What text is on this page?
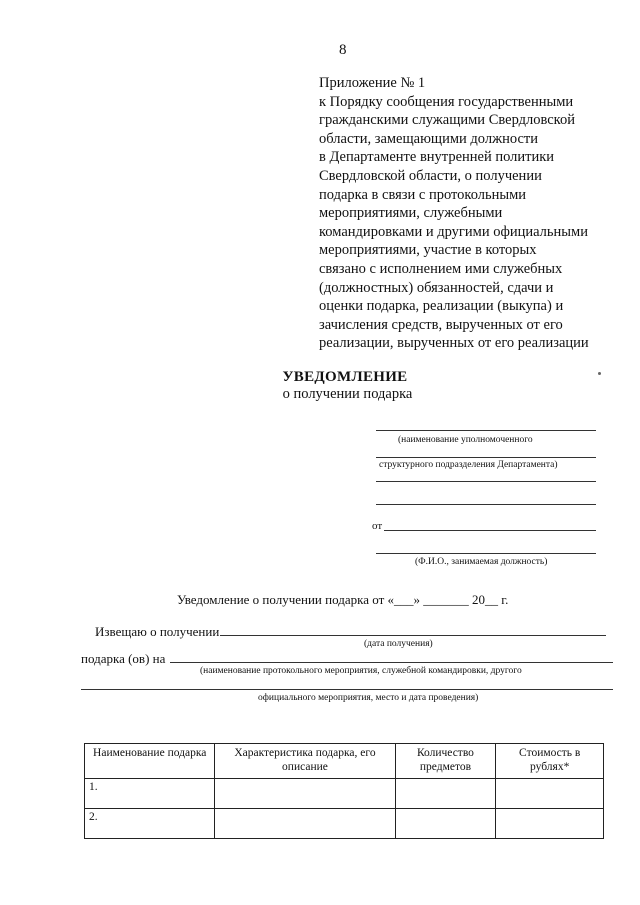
8
Приложение № 1
к Порядку сообщения государственными
гражданскими служащими Свердловской
области, замещающими должности
в Департаменте внутренней политики
Свердловской области, о получении
подарка в связи с протокольными
мероприятиями, служебными
командировками и другими официальными
мероприятиями, участие в которых
связано с исполнением ими служебных
(должностных) обязанностей, сдачи и
оценки подарка, реализации (выкупа) и
зачисления средств, вырученных от его
реализации, вырученных от его реализации
УВЕДОМЛЕНИЕ
о получении подарка
(наименование уполномоченного
структурного подразделения Департамента)
от
(Ф.И.О., занимаемая должность)
Уведомление о получении подарка от «___» _______ 20__ г.
Извещаю о получении
(дата получения)
подарка (ов) на
(наименование протокольного мероприятия, служебной командировки, другого
официального мероприятия, место и дата проведения)
Наименование подарка	Характеристика подарка, его описание	Количество предметов	Стоимость в рублях*
1.			
2.			
